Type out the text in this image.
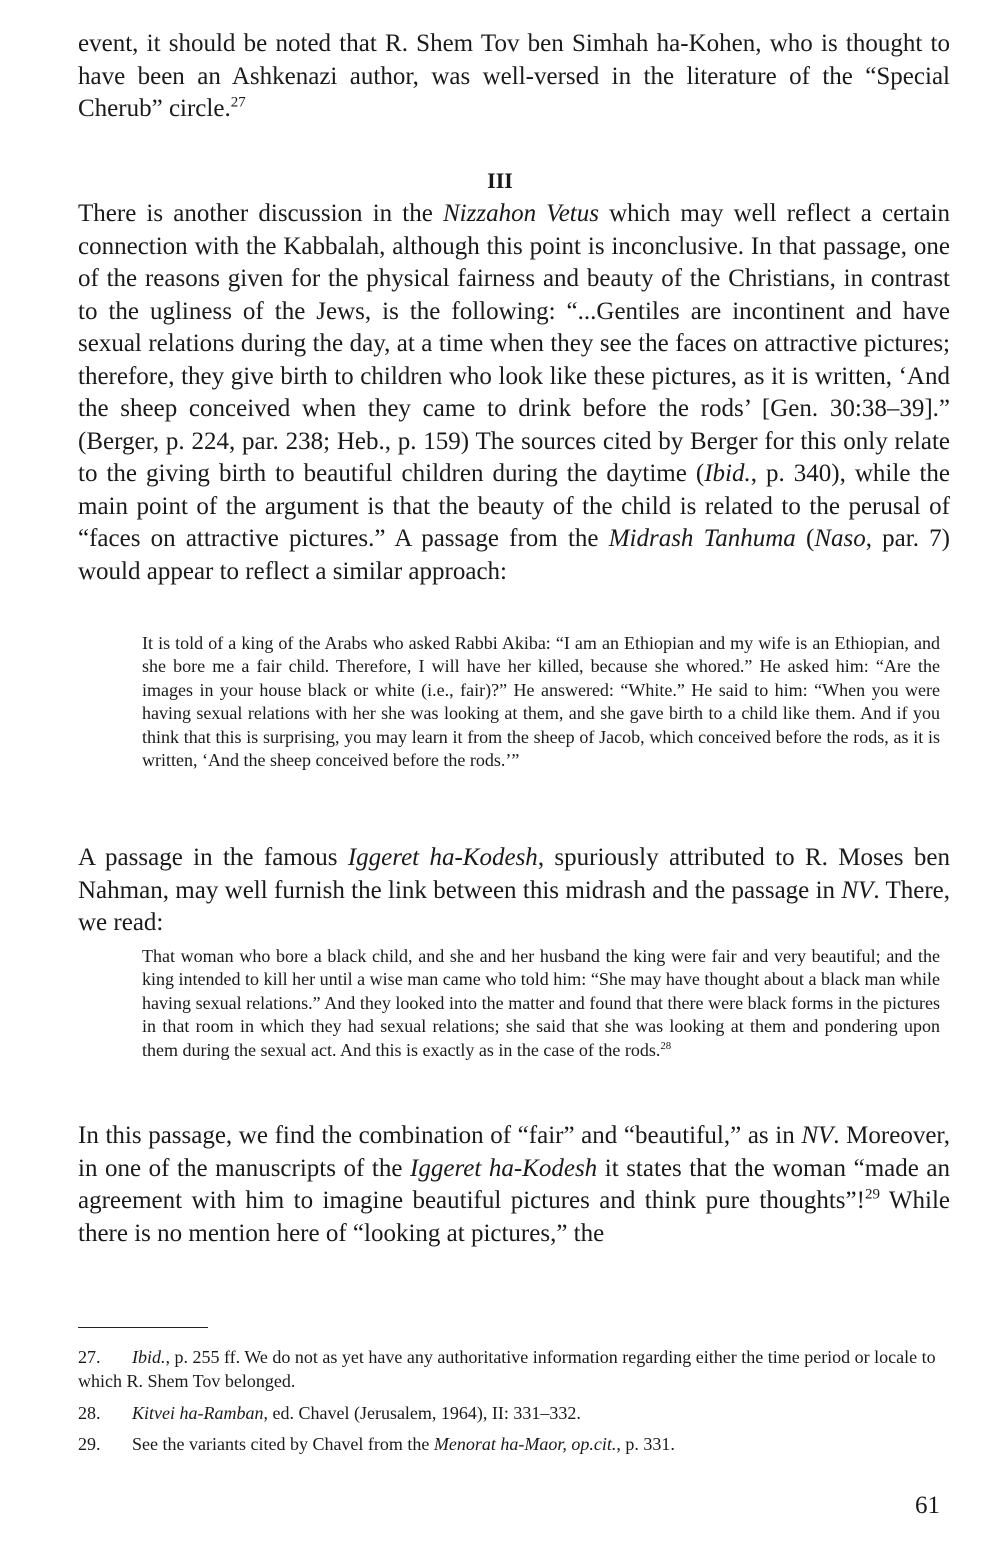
event, it should be noted that R. Shem Tov ben Simhah ha-Kohen, who is thought to have been an Ashkenazi author, was well-versed in the literature of the “Special Cherub” circle.$^{27}$

III

There is another discussion in the Nizzahon Vetus which may well reflect a certain connection with the Kabbalah, although this point is inconclusive. In that passage, one of the reasons given for the physical fairness and beauty of the Christians, in contrast to the ugliness of the Jews, is the following: “...Gentiles are incontinent and have sexual relations during the day, at a time when they see the faces on attractive pictures; therefore, they give birth to children who look like these pictures, as it is written, ‘And the sheep conceived when they came to drink before the rods’ [Gen. 30:38–39].” (Berger, p. 224, par. 238; Heb., p. 159) The sources cited by Berger for this only relate to the giving birth to beautiful children during the daytime (Ibid., p. 340), while the main point of the argument is that the beauty of the child is related to the perusal of “faces on attractive pictures.” A passage from the Midrash Tanhuma (Naso, par. 7) would appear to reflect a similar approach:

It is told of a king of the Arabs who asked Rabbi Akiba: “I am an Ethiopian and my wife is an Ethiopian, and she bore me a fair child. Therefore, I will have her killed, because she whored.” He asked him: “Are the images in your house black or white (i.e., fair)?” He answered: “White.” He said to him: “When you were having sexual relations with her she was looking at them, and she gave birth to a child like them. And if you think that this is surprising, you may learn it from the sheep of Jacob, which conceived before the rods, as it is written, ‘And the sheep conceived before the rods.’”

A passage in the famous Iggeret ha-Kodesh, spuriously attributed to R. Moses ben Nahman, may well furnish the link between this midrash and the passage in NV. There, we read:

That woman who bore a black child, and she and her husband the king were fair and very beautiful; and the king intended to kill her until a wise man came who told him: “She may have thought about a black man while having sexual relations.” And they looked into the matter and found that there were black forms in the pictures in that room in which they had sexual relations; she said that she was looking at them and pondering upon them during the sexual act. And this is exactly as in the case of the rods.$^{28}$

In this passage, we find the combination of “fair” and “beautiful,” as in NV. Moreover, in one of the manuscripts of the Iggeret ha-Kodesh it states that the woman “made an agreement with him to imagine beautiful pictures and think pure thoughts”!$^{29}$ While there is no mention here of “looking at pictures,” the

27. Ibid., p. 255 ff. We do not as yet have any authoritative information regarding either the time period or locale to which R. Shem Tov belonged.

28. Kitvei ha-Ramban, ed. Chavel (Jerusalem, 1964), II: 331–332.

29. See the variants cited by Chavel from the Menorat ha-Maor, op.cit., p. 331.

61
